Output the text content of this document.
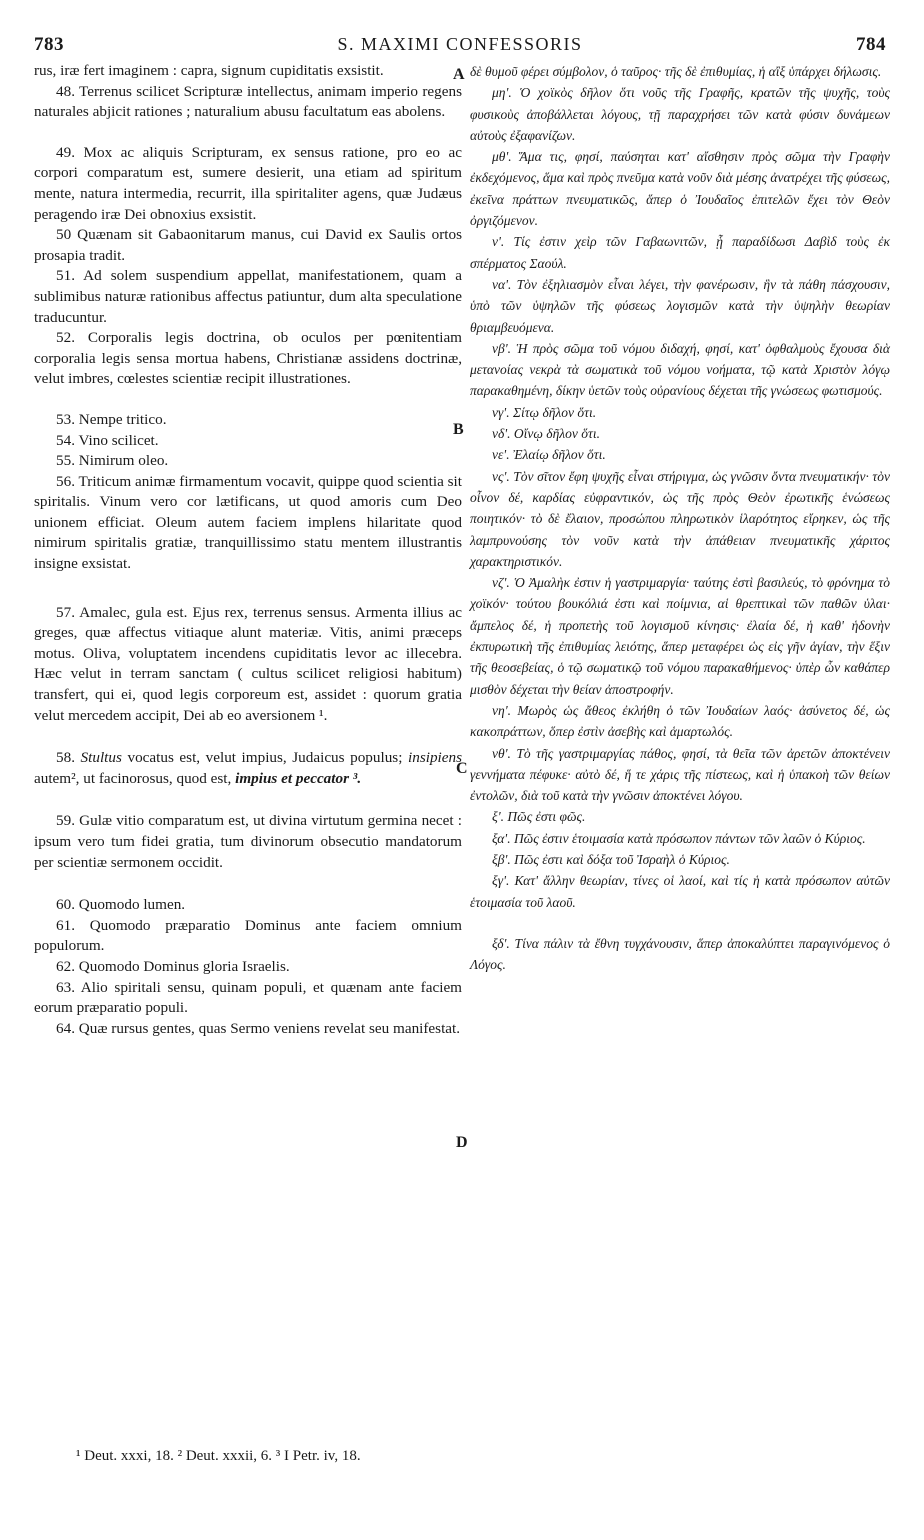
783	S. MAXIMI CONFESSORIS	784

rus, iræ fert imaginem : capra, signum cupiditatis exsistit.

48. Terrenus scilicet Scripturæ intellectus, animam imperio regens naturales abjicit rationes ; naturalium abusu facultatum eas abolens.

49. Mox ac aliquis Scripturam, ex sensus ratione, pro eo ac corpori comparatum est, sumere desierit, una etiam ad spiritum mente, natura intermedia, recurrit, illa spiritaliter agens, quæ Judæus peragendo iræ Dei obnoxius exsistit.

50 Quænam sit Gabaonitarum manus, cui David ex Saulis ortos prosapia tradit.

51. Ad solem suspendium appellat, manifestationem, quam a sublimibus naturæ rationibus affectus patiuntur, dum alta speculatione traducuntur.

52. Corporalis legis doctrina, ob oculos per pœnitentiam corporalia legis sensa mortua habens, Christianæ assidens doctrinæ, velut imbres, cœlestes scientiæ recipit illustrationes.

53. Nempe tritico.

54. Vino scilicet.

55. Nimirum oleo.

56. Triticum animæ firmamentum vocavit, quippe quod scientia sit spiritalis. Vinum vero cor lætificans, ut quod amoris cum Deo unionem efficiat. Oleum autem faciem implens hilaritate quod nimirum spiritalis gratiæ, tranquillissimo statu mentem illustrantis insigne exsistat.

57. Amalec, gula est. Ejus rex, terrenus sensus. Armenta illius ac greges, quæ affectus vitiaque alunt materiæ. Vitis, animi præceps motus. Oliva, voluptatem incendens cupiditatis levor ac illecebra. Hæc velut in terram sanctam ( cultus scilicet religiosi habitum) transfert, qui ei, quod legis corporeum est, assidet : quorum gratia velut mercedem accipit, Dei ab eo aversionem ¹.

58. Stultus vocatus est, velut impius, Judaicus populus; insipiens autem², ut facinorosus, quod est, impius et peccator ³.

59. Gulæ vitio comparatum est, ut divina virtutum germina necet : ipsum vero tum fidei gratia, tum divinorum obsecutio mandatorum per scientiæ sermonem occidit.

60. Quomodo lumen.

61. Quomodo præparatio Dominus ante faciem omnium populorum.

62. Quomodo Dominus gloria Israelis.

63. Alio spiritali sensu, quinam populi, et quænam ante faciem eorum præparatio populi.

64. Quæ rursus gentes, quas Sermo veniens revelat seu manifestat.

A
B
C
D

δὲ θυμοῦ φέρει σύμβολον, ὁ ταῦρος· τῆς δὲ ἐπιθυμίας, ἡ αἲξ ὑπάρχει δήλωσις.

μη'. Ὁ χοϊκὸς δῆλον ὅτι νοῦς τῆς Γραφῆς, κρατῶν τῆς ψυχῆς, τοὺς φυσικοὺς ἀποβάλλεται λόγους, τῇ παραχρήσει τῶν κατὰ φύσιν δυνάμεων αὐτοὺς ἐξαφανίζων.

μθ'. Ἅμα τις, φησί, παύσηται κατ' αἴσθησιν πρὸς σῶμα τὴν Γραφὴν ἐκδεχόμενος, ἅμα καὶ πρὸς πνεῦμα κατὰ νοῦν διὰ μέσης ἀνατρέχει τῆς φύσεως, ἐκεῖνα πράττων πνευματικῶς, ἅπερ ὁ Ἰουδαῖος ἐπιτελῶν ἔχει τὸν Θεὸν ὀργιζόμενον.

ν'. Τίς ἐστιν χεὶρ τῶν Γαβαωνιτῶν, ᾗ παραδίδωσι Δαβὶδ τοὺς ἐκ σπέρματος Σαούλ.

να'. Τὸν ἐξηλιασμὸν εἶναι λέγει, τὴν φανέρωσιν, ἣν τὰ πάθη πάσχουσιν, ὑπὸ τῶν ὑψηλῶν τῆς φύσεως λογισμῶν κατὰ τὴν ὑψηλὴν θεωρίαν θριαμβευόμενα.

νβ'. Ἡ πρὸς σῶμα τοῦ νόμου διδαχή, φησί, κατ' ὀφθαλμοὺς ἔχουσα διὰ μετανοίας νεκρὰ τὰ σωματικὰ τοῦ νόμου νοήματα, τῷ κατὰ Χριστὸν λόγῳ παρακαθημένη, δίκην ὑετῶν τοὺς οὐρανίους δέχεται τῆς γνώσεως φωτισμούς.

νγ'. Σίτῳ δῆλον ὅτι.

νδ'. Οἴνῳ δῆλον ὅτι.

νε'. Ἐλαίῳ δῆλον ὅτι.

νς'. Τὸν σῖτον ἔφη ψυχῆς εἶναι στήριγμα, ὡς γνῶσιν ὄντα πνευματικήν· τὸν οἶνον δέ, καρδίας εὐφραντικόν, ὡς τῆς πρὸς Θεὸν ἐρωτικῆς ἑνώσεως ποιητικόν· τὸ δὲ ἔλαιον, προσώπου πληρωτικὸν ἱλαρότητος εἴρηκεν, ὡς τῆς λαμπρυνούσης τὸν νοῦν κατὰ τὴν ἀπάθειαν πνευματικῆς χάριτος χαρακτηριστικόν.

νζ'. Ὁ Ἀμαλὴκ ἐστιν ἡ γαστριμαργία· ταύτης ἐστὶ βασιλεύς, τὸ φρόνημα τὸ χοϊκόν· τούτου βουκόλιά ἐστι καὶ ποίμνια, αἱ θρεπτικαὶ τῶν παθῶν ὑλαι· ἄμπελος δέ, ἡ προπετὴς τοῦ λογισμοῦ κίνησις· ἐλαία δέ, ἡ καθ' ἡδονὴν ἐκπυρωτικὴ τῆς ἐπιθυμίας λειότης, ἅπερ μεταφέρει ὡς εἰς γῆν ἁγίαν, τὴν ἕξιν τῆς θεοσεβείας, ὁ τῷ σωματικῷ τοῦ νόμου παρακαθήμενος· ὑπὲρ ὧν καθάπερ μισθὸν δέχεται τὴν θείαν ἀποστροφήν.

νη'. Μωρὸς ὡς ἄθεος ἐκλήθη ὁ τῶν Ἰουδαίων λαός· ἀσύνετος δέ, ὡς κακοπράττων, ὅπερ ἐστὶν ἀσεβὴς καὶ ἁμαρτωλός.

νθ'. Τὸ τῆς γαστριμαργίας πάθος, φησί, τὰ θεῖα τῶν ἀρετῶν ἀποκτένειν γεννήματα πέφυκε· αὐτὸ δέ, ἥ τε χάρις τῆς πίστεως, καὶ ἡ ὑπακοὴ τῶν θείων ἐντολῶν, διὰ τοῦ κατὰ τὴν γνῶσιν ἀποκτένει λόγου.

ξ'. Πῶς ἐστι φῶς.

ξα'. Πῶς ἐστιν ἑτοιμασία κατὰ πρόσωπον πάντων τῶν λαῶν ὁ Κύριος.

ξβ'. Πῶς ἐστι καὶ δόξα τοῦ Ἰσραὴλ ὁ Κύριος.

ξγ'. Κατ' ἄλλην θεωρίαν, τίνες οἱ λαοί, καὶ τίς ἡ κατὰ πρόσωπον αὐτῶν ἑτοιμασία τοῦ λαοῦ.

ξδ'. Τίνα πάλιν τὰ ἔθνη τυγχάνουσιν, ἅπερ ἀποκαλύπτει παραγινόμενος ὁ Λόγος.

¹ Deut. xxxi, 18. ² Deut. xxxii, 6. ³ I Petr. iv, 18.
